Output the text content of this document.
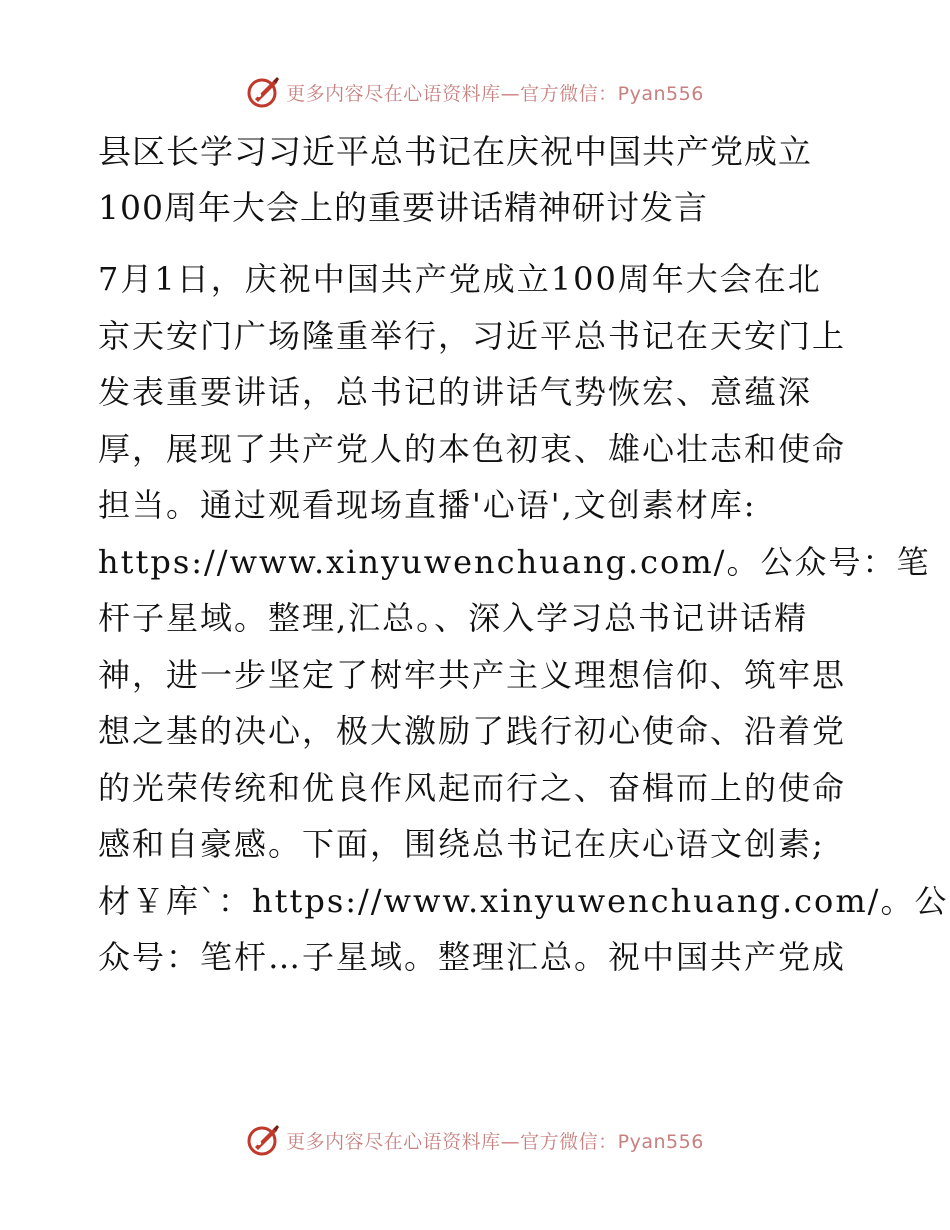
更多内容尽在心语资料库—官方微信：Pyan556
县区长学习习近平总书记在庆祝中国共产党成立
100周年大会上的重要讲话精神研讨发言
7月1日，庆祝中国共产党成立100周年大会在北
京天安门广场隆重举行，习近平总书记在天安门上
发表重要讲话，总书记的讲话气势恢宏、意蕴深
厚，展现了共产党人的本色初衷、雄心壮志和使命
担当。通过观看现场直播'心语',文创素材库:
https://www.xinyuwenchuang.com/。公众号：笔
杆子星域。整理,汇总。、深入学习总书记讲话精
神，进一步坚定了树牢共产主义理想信仰、筑牢思
想之基的决心，极大激励了践行初心使命、沿着党
的光荣传统和优良作风起而行之、奋楫而上的使命
感和自豪感。下面，围绕总书记在庆心语文创素;
材￥库`：https://www.xinyuwenchuang.com/。公
众号：笔杆…子星域。整理汇总。祝中国共产党成
更多内容尽在心语资料库—官方微信：Pyan556
